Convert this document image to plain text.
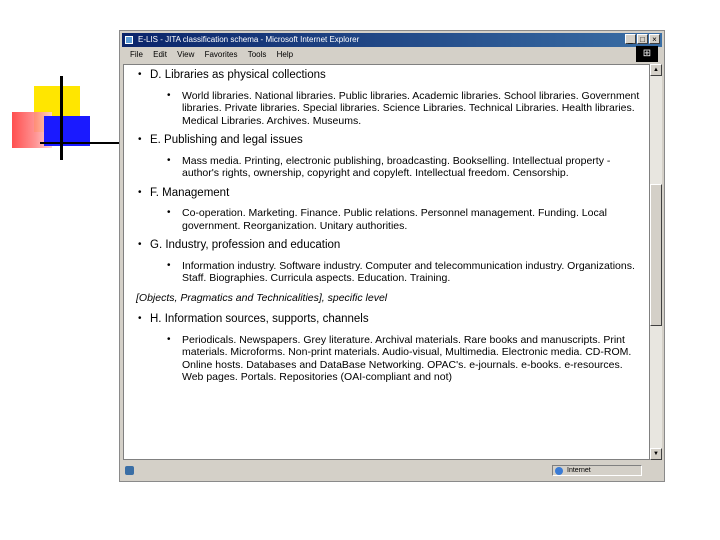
E-LIS - JITA classification schema - Microsoft Internet Explorer	_ □ ×
File Edit View Favorites Tools Help	⊞
• D. Libraries as physical collections
• World libraries. National libraries. Public libraries. Academic libraries. School libraries. Government libraries. Private libraries. Special libraries. Science Libraries. Technical Libraries. Health libraries. Medical Libraries. Archives. Museums.
• E. Publishing and legal issues
• Mass media. Printing, electronic publishing, broadcasting. Bookselling. Intellectual property - author's rights, ownership, copyright and copyleft. Intellectual freedom. Censorship.
• F. Management
• Co-operation. Marketing. Finance. Public relations. Personnel management. Funding. Local government. Reorganization. Unitary authorities.
• G. Industry, profession and education
• Information industry. Software industry. Computer and telecommunication industry. Organizations. Staff. Biographies. Curricula aspects. Education. Training.
[Objects, Pragmatics and Technicalities], specific level
• H. Information sources, supports, channels
• Periodicals. Newspapers. Grey literature. Archival materials. Rare books and manuscripts. Print materials. Microforms. Non-print materials. Audio-visual, Multimedia. Electronic media. CD-ROM. Online hosts. Databases and DataBase Networking. OPAC's. e-journals. e-books. e-resources. Web pages. Portals. Repositories (OAI-compliant and not)
▲
▼
Internet
